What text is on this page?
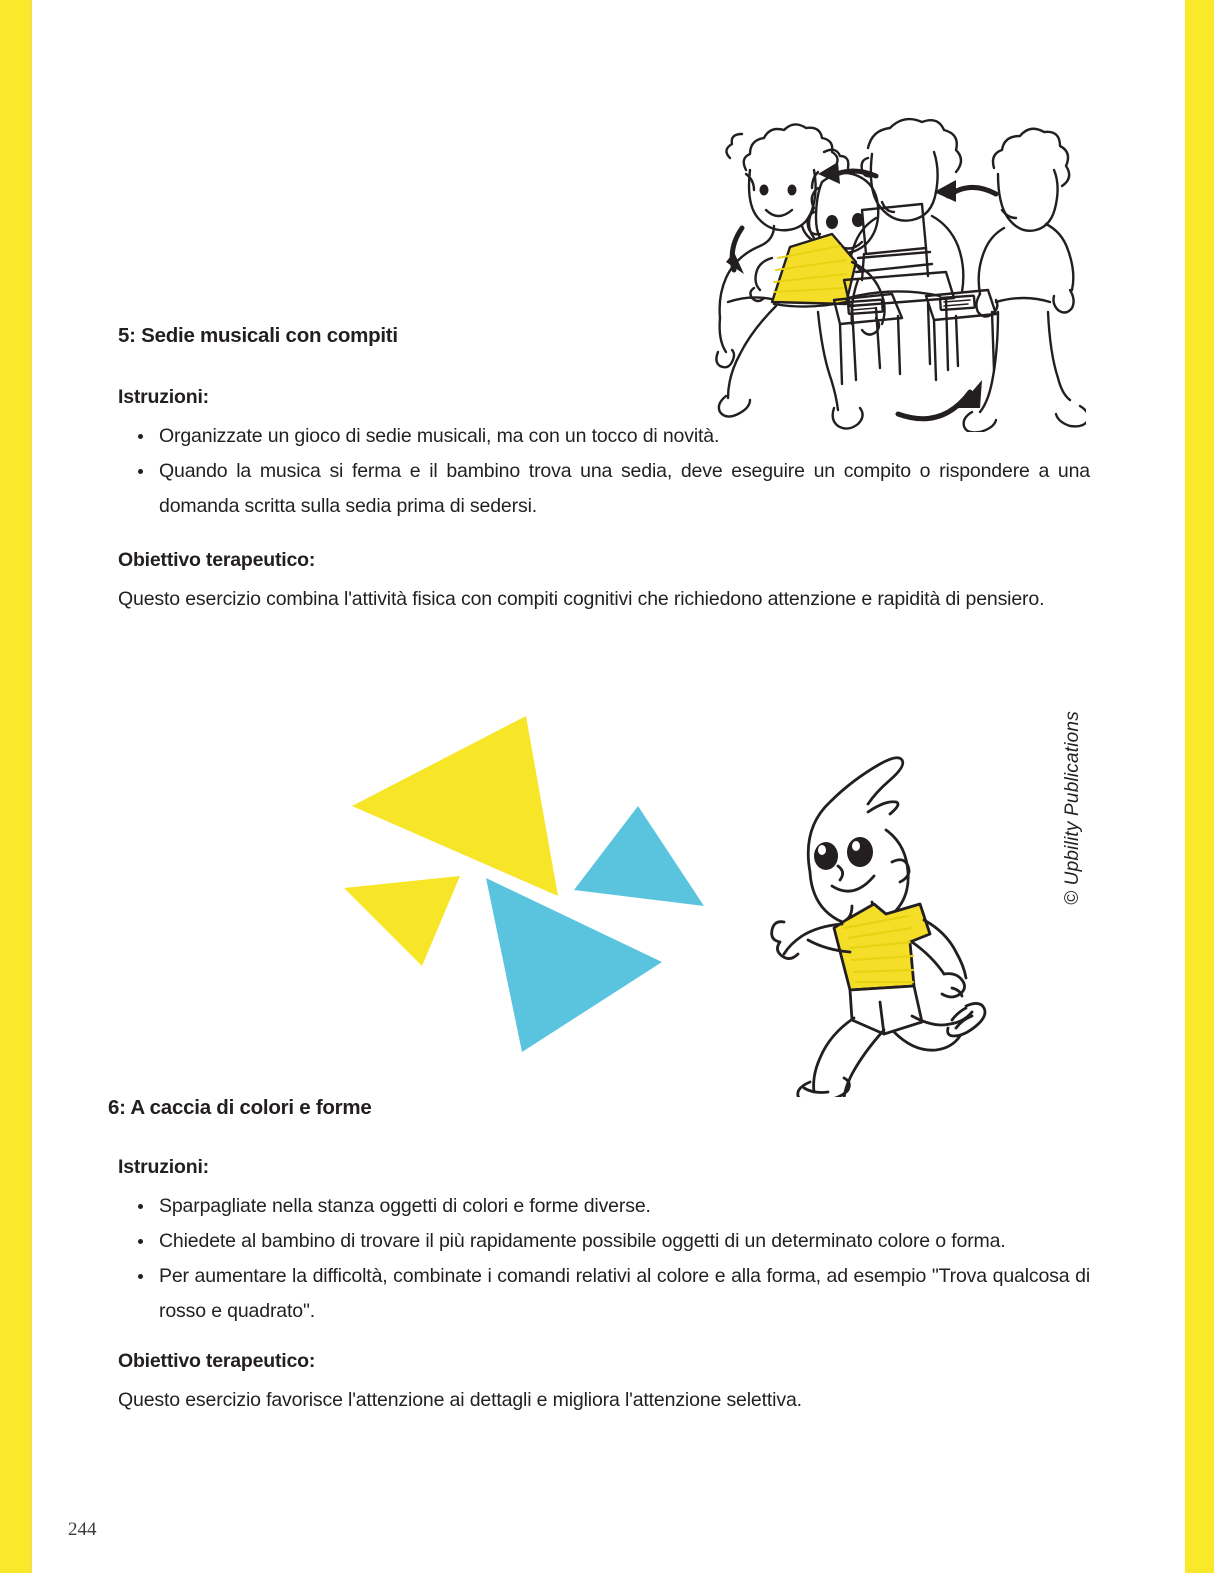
5: Sedie musicali con compiti
Istruzioni:
Organizzate un gioco di sedie musicali, ma con un tocco di novità.
Quando la musica si ferma e il bambino trova una sedia, deve eseguire un compito o rispondere a una domanda scritta sulla sedia prima di sedersi.
Obiettivo terapeutico:
Questo esercizio combina l'attività fisica con compiti cognitivi che richiedono attenzione e rapidità di pensiero.
6: A caccia di colori e forme
Istruzioni:
Sparpagliate nella stanza oggetti di colori e forme diverse.
Chiedete al bambino di trovare il più rapidamente possibile oggetti di un determinato colore o forma.
Per aumentare la difficoltà, combinate i comandi relativi al colore e alla forma, ad esempio "Trova qualcosa di rosso e quadrato".
Obiettivo terapeutico:
Questo esercizio favorisce l'attenzione ai dettagli e migliora l'attenzione selettiva.
© Upbility Publications
244
